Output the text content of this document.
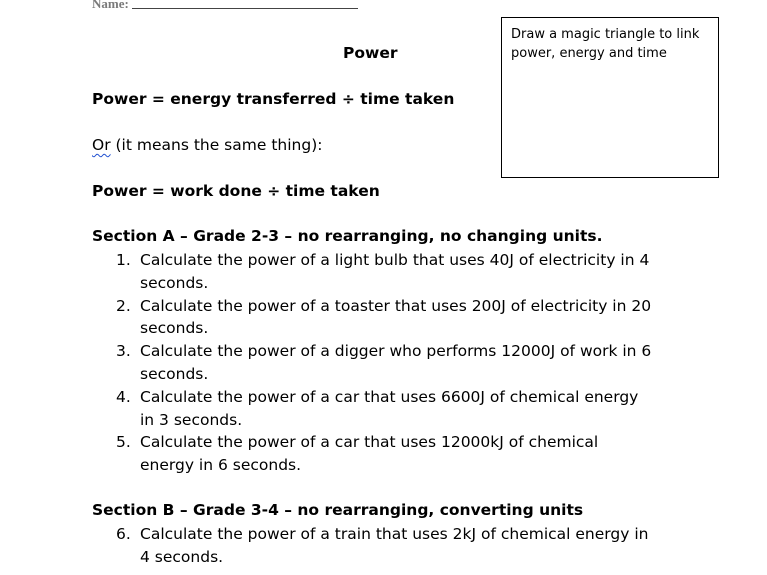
Name:
Draw a magic triangle to link power, energy and time
Power
Power = energy transferred ÷ time taken
Or (it means the same thing):
Power = work done ÷ time taken
Section A – Grade 2-3 – no rearranging, no changing units.
1. Calculate the power of a light bulb that uses 40J of electricity in 4 seconds.
2. Calculate the power of a toaster that uses 200J of electricity in 20 seconds.
3. Calculate the power of a digger who performs 12000J of work in 6 seconds.
4. Calculate the power of a car that uses 6600J of chemical energy in 3 seconds.
5. Calculate the power of a car that uses 12000kJ of chemical energy in 6 seconds.
Section B – Grade 3-4 – no rearranging, converting units
6. Calculate the power of a train that uses 2kJ of chemical energy in 4 seconds.
